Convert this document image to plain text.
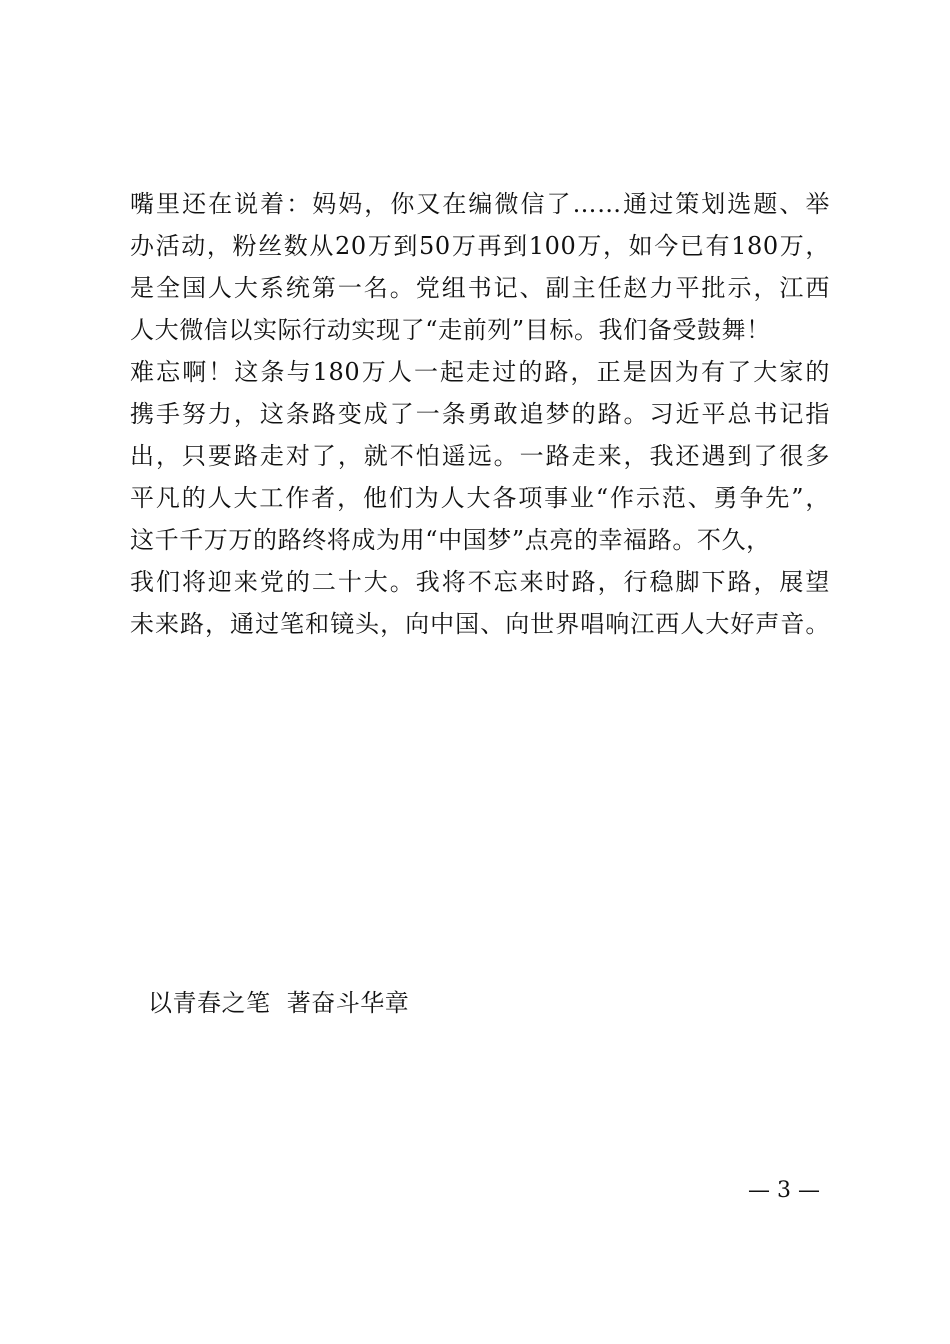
嘴里还在说着：妈妈，你又在编微信了……通过策划选题、举
办活动，粉丝数从20万到50万再到100万，如今已有180万，
是全国人大系统第一名。党组书记、副主任赵力平批示，江西
人大微信以实际行动实现了“走前列”目标。我们备受鼓舞！
难忘啊！这条与180万人一起走过的路，正是因为有了大家的
携手努力，这条路变成了一条勇敢追梦的路。习近平总书记指
出，只要路走对了，就不怕遥远。一路走来，我还遇到了很多
平凡的人大工作者，他们为人大各项事业“作示范、勇争先”，
这千千万万的路终将成为用“中国梦”点亮的幸福路。不久，
我们将迎来党的二十大。我将不忘来时路，行稳脚下路，展望
未来路，通过笔和镜头，向中国、向世界唱响江西人大好声音。

以青春之笔  著奋斗华章

— 3 —
